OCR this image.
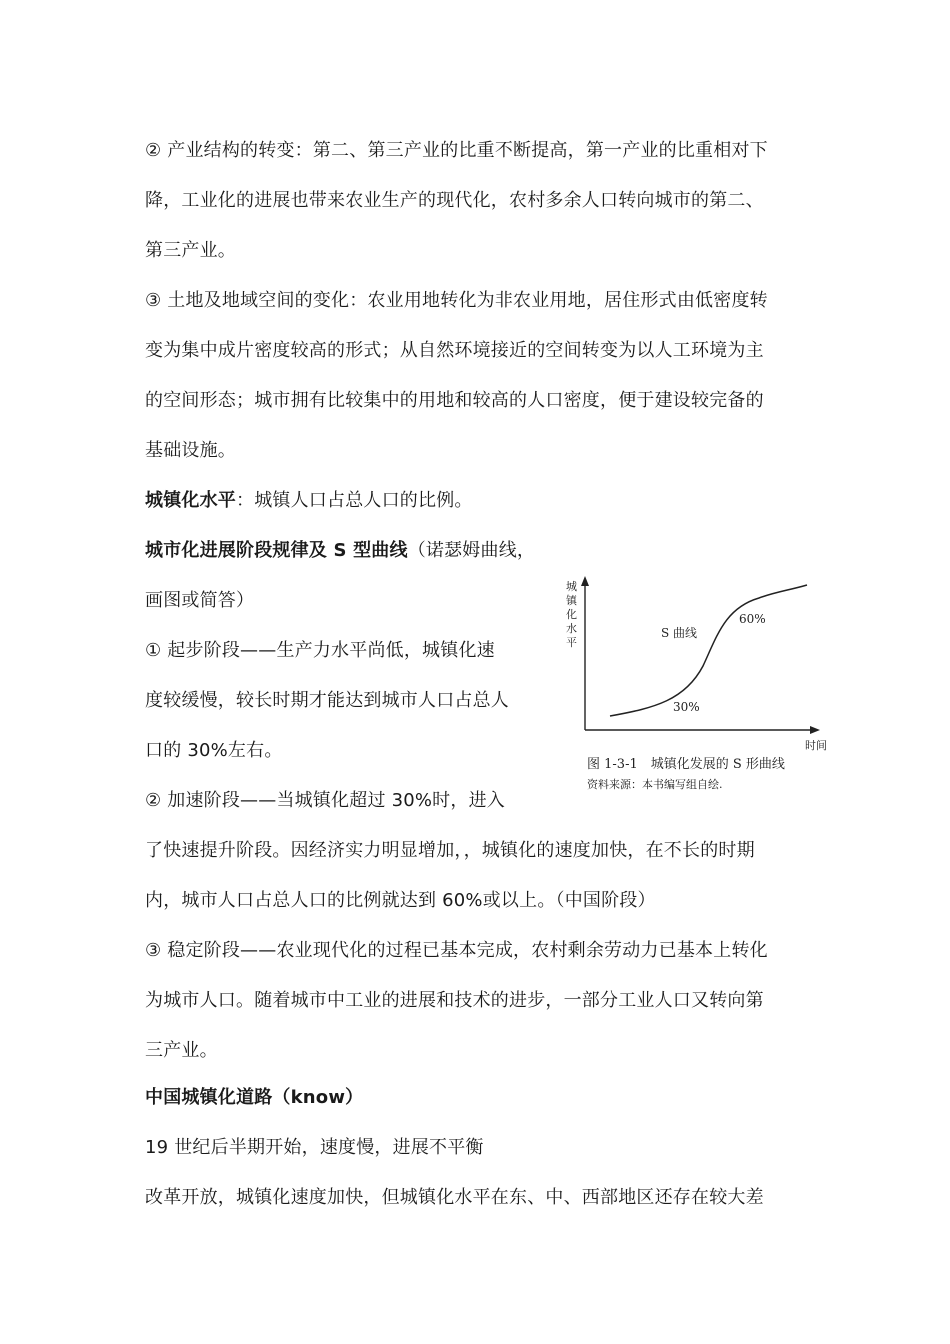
② 产业结构的转变：第二、第三产业的比重不断提高，第一产业的比重相对下
降，工业化的进展也带来农业生产的现代化，农村多余人口转向城市的第二、
第三产业。
③ 土地及地域空间的变化：农业用地转化为非农业用地，居住形式由低密度转
变为集中成片密度较高的形式；从自然环境接近的空间转变为以人工环境为主
的空间形态；城市拥有比较集中的用地和较高的人口密度，便于建设较完备的
基础设施。
城镇化水平：城镇人口占总人口的比例。
城市化进展阶段规律及 S 型曲线（诺瑟姆曲线，
画图或简答）
① 起步阶段——生产力水平尚低，城镇化速
度较缓慢，较长时期才能达到城市人口占总人
口的 30%左右。
② 加速阶段——当城镇化超过 30%时，进入
了快速提升阶段。因经济实力明显增加，，城镇化的速度加快，在不长的时期
内，城市人口占总人口的比例就达到 60%或以上。（中国阶段）
③ 稳定阶段——农业现代化的过程已基本完成，农村剩余劳动力已基本上转化
为城市人口。随着城市中工业的进展和技术的进步，一部分工业人口又转向第
三产业。
中国城镇化道路（know）
19 世纪后半期开始，速度慢，进展不平衡
改革开放，城镇化速度加快，但城镇化水平在东、中、西部地区还存在较大差
城
镇
化
水
平
时间
S 曲线
60%
30%
图 1-3-1　城镇化发展的 S 形曲线
资料来源：本书编写组自绘.
